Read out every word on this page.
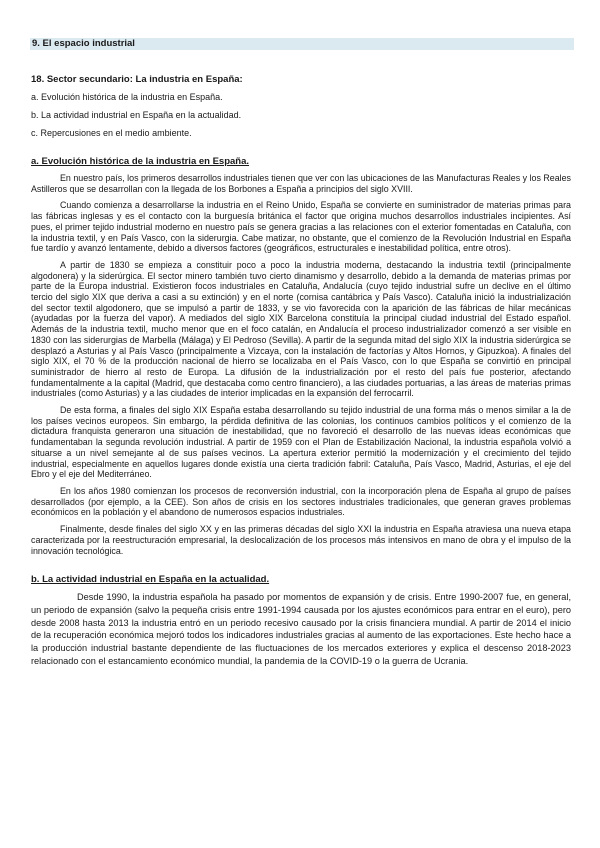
9. El espacio industrial
18. Sector secundario: La industria en España:
a. Evolución histórica de la industria en España.
b. La actividad industrial en España en la actualidad.
c. Repercusiones en el medio ambiente.
a. Evolución histórica de la industria en España.

En nuestro país, los primeros desarrollos industriales tienen que ver con las ubicaciones de las Manufacturas Reales y los Reales Astilleros que se desarrollan con la llegada de los Borbones a España a principios del siglo XVIII.

Cuando comienza a desarrollarse la industria en el Reino Unido, España se convierte en suministrador de materias primas para las fábricas inglesas y es el contacto con la burguesía británica el factor que origina muchos desarrollos industriales incipientes. Así pues, el primer tejido industrial moderno en nuestro país se genera gracias a las relaciones con el exterior fomentadas en Cataluña, con la industria textil, y en País Vasco, con la siderurgia. Cabe matizar, no obstante, que el comienzo de la Revolución Industrial en España fue tardío y avanzó lentamente, debido a diversos factores (geográficos, estructurales e inestabilidad política, entre otros).

A partir de 1830 se empieza a constituir poco a poco la industria moderna, destacando la industria textil (principalmente algodonera) y la siderúrgica. El sector minero también tuvo cierto dinamismo y desarrollo, debido a la demanda de materias primas por parte de la Europa industrial. Existieron focos industriales en Cataluña, Andalucía (cuyo tejido industrial sufre un declive en el último tercio del siglo XIX que deriva a casi a su extinción) y en el norte (cornisa cantábrica y País Vasco). Cataluña inició la industrialización del sector textil algodonero, que se impulsó a partir de 1833, y se vio favorecida con la aparición de las fábricas de hilar mecánicas (ayudadas por la fuerza del vapor). A mediados del siglo XIX Barcelona constituía la principal ciudad industrial del Estado español. Además de la industria textil, mucho menor que en el foco catalán, en Andalucía el proceso industrializador comenzó a ser visible en 1830 con las siderurgias de Marbella (Málaga) y El Pedroso (Sevilla). A partir de la segunda mitad del siglo XIX la industria siderúrgica se desplazó a Asturias y al País Vasco (principalmente a Vizcaya, con la instalación de factorías y Altos Hornos, y Gipuzkoa). A finales del siglo XIX, el 70 % de la producción nacional de hierro se localizaba en el País Vasco, con lo que España se convirtió en principal suministrador de hierro al resto de Europa. La difusión de la industrialización por el resto del país fue posterior, afectando fundamentalmente a la capital (Madrid, que destacaba como centro financiero), a las ciudades portuarias, a las áreas de materias primas industriales (como Asturias) y a las ciudades de interior implicadas en la expansión del ferrocarril.

De esta forma, a finales del siglo XIX España estaba desarrollando su tejido industrial de una forma más o menos similar a la de los países vecinos europeos. Sin embargo, la pérdida definitiva de las colonias, los continuos cambios políticos y el comienzo de la dictadura franquista generaron una situación de inestabilidad, que no favoreció el desarrollo de las nuevas ideas económicas que fundamentaban la segunda revolución industrial. A partir de 1959 con el Plan de Estabilización Nacional, la industria española volvió a situarse a un nivel semejante al de sus países vecinos. La apertura exterior permitió la modernización y el crecimiento del tejido industrial, especialmente en aquellos lugares donde existía una cierta tradición fabril: Cataluña, País Vasco, Madrid, Asturias, el eje del Ebro y el eje del Mediterráneo.

En los años 1980 comienzan los procesos de reconversión industrial, con la incorporación plena de España al grupo de países desarrollados (por ejemplo, a la CEE). Son años de crisis en los sectores industriales tradicionales, que generan graves problemas económicos en la población y el abandono de numerosos espacios industriales.

Finalmente, desde finales del siglo XX y en las primeras décadas del siglo XXI la industria en España atraviesa una nueva etapa caracterizada por la reestructuración empresarial, la deslocalización de los procesos más intensivos en mano de obra y el impulso de la innovación tecnológica.

b. La actividad industrial en España en la actualidad.

Desde 1990, la industria española ha pasado por momentos de expansión y de crisis. Entre 1990-2007 fue, en general, un periodo de expansión (salvo la pequeña crisis entre 1991-1994 causada por los ajustes económicos para entrar en el euro), pero desde 2008 hasta 2013 la industria entró en un periodo recesivo causado por la crisis financiera mundial. A partir de 2014 el inicio de la recuperación económica mejoró todos los indicadores industriales gracias al aumento de las exportaciones. Este hecho hace a la producción industrial bastante dependiente de las fluctuaciones de los mercados exteriores y explica el descenso 2018-2023 relacionado con el estancamiento económico mundial, la pandemia de la COVID-19 o la guerra de Ucrania.
